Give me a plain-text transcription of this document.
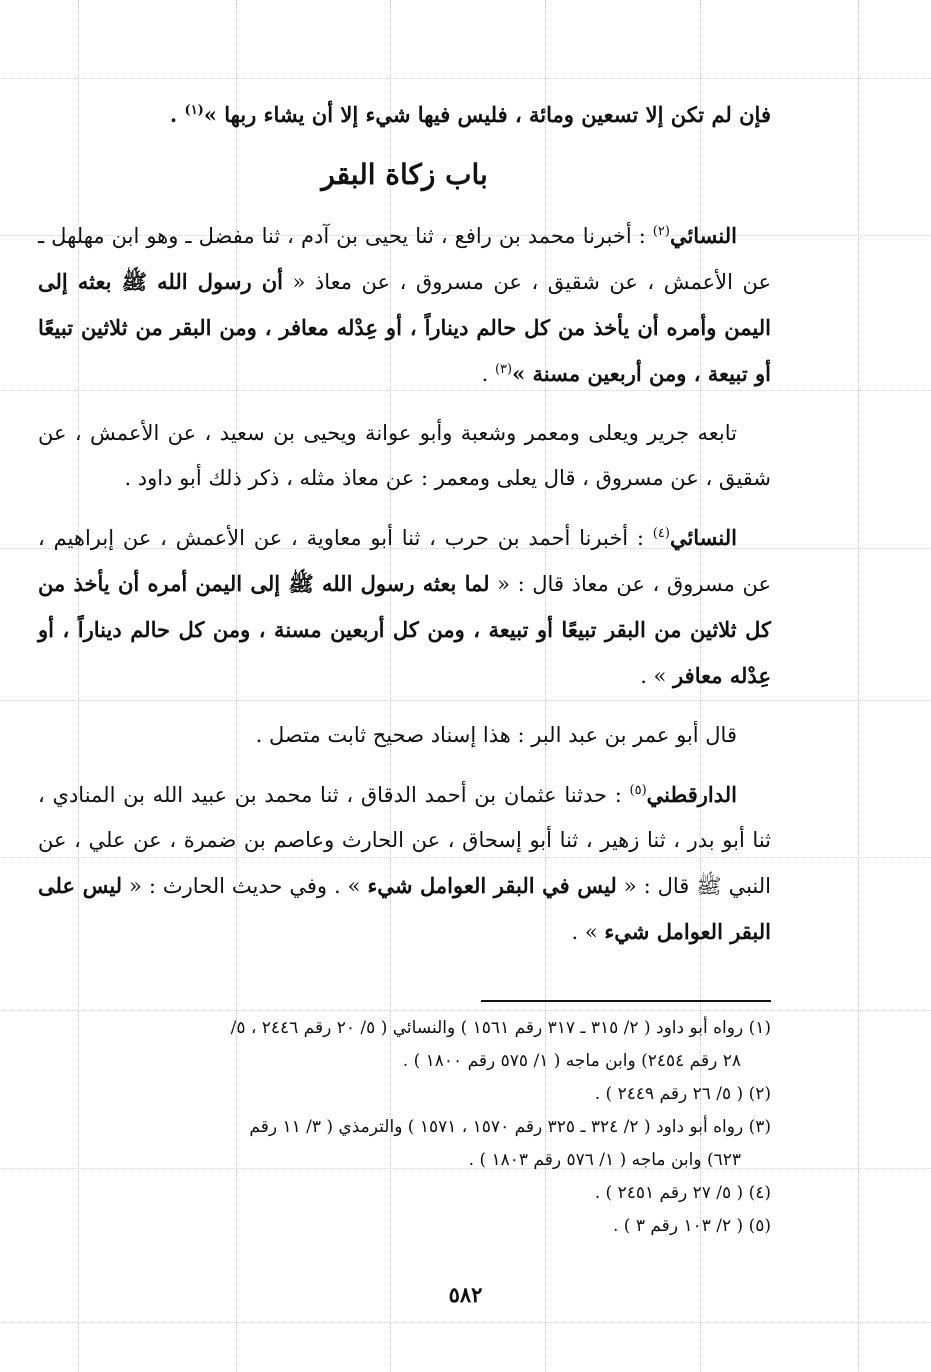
فإن لم تكن إلا تسعين ومائة ، فليس فيها شيء إلا أن يشاء ربها »$^{(١)}$ .

باب زكاة البقر

النسائي$^{(٢)}$ : أخبرنا محمد بن رافع ، ثنا يحيى بن آدم ، ثنا مفضل ـ وهو ابن مهلهل ـ عن الأعمش ، عن شقيق ، عن مسروق ، عن معاذ « أن رسول الله ﷺ بعثه إلى اليمن وأمره أن يأخذ من كل حالم ديناراً ، أو عِدْله معافر ، ومن البقر من ثلاثين تبيعًا أو تبيعة ، ومن أربعين مسنة »$^{(٣)}$ .

تابعه جرير ويعلى ومعمر وشعبة وأبو عوانة ويحيى بن سعيد ، عن الأعمش ، عن شقيق ، عن مسروق ، قال يعلى ومعمر : عن معاذ مثله ، ذكر ذلك أبو داود .

النسائي$^{(٤)}$ : أخبرنا أحمد بن حرب ، ثنا أبو معاوية ، عن الأعمش ، عن إبراهيم ، عن مسروق ، عن معاذ قال : « لما بعثه رسول الله ﷺ إلى اليمن أمره أن يأخذ من كل ثلاثين من البقر تبيعًا أو تبيعة ، ومن كل أربعين مسنة ، ومن كل حالم ديناراً ، أو عِدْله معافر » .

قال أبو عمر بن عبد البر : هذا إسناد صحيح ثابت متصل .

الدارقطني$^{(٥)}$ : حدثنا عثمان بن أحمد الدقاق ، ثنا محمد بن عبيد الله بن المنادي ، ثنا أبو بدر ، ثنا زهير ، ثنا أبو إسحاق ، عن الحارث وعاصم بن ضمرة ، عن علي ، عن النبي ﷺ قال : « ليس في البقر العوامل شيء » . وفي حديث الحارث : « ليس على البقر العوامل شيء » .

(١) رواه أبو داود ( ٢/ ٣١٥ ـ ٣١٧ رقم ١٥٦١ ) والنسائي ( ٥/ ٢٠ رقم ٢٤٤٦ ، ٥/
٢٨ رقم ٢٤٥٤) وابن ماجه ( ١/ ٥٧٥ رقم ١٨٠٠ ) .

(٢) ( ٥/ ٢٦ رقم ٢٤٤٩ ) .

(٣) رواه أبو داود ( ٢/ ٣٢٤ ـ ٣٢٥ رقم ١٥٧٠ ، ١٥٧١ ) والترمذي ( ٣/ ١١ رقم
٦٢٣) وابن ماجه ( ١/ ٥٧٦ رقم ١٨٠٣ ) .

(٤) ( ٥/ ٢٧ رقم ٢٤٥١ ) .

(٥) ( ٢/ ١٠٣ رقم ٣ ) .

٥٨٢
